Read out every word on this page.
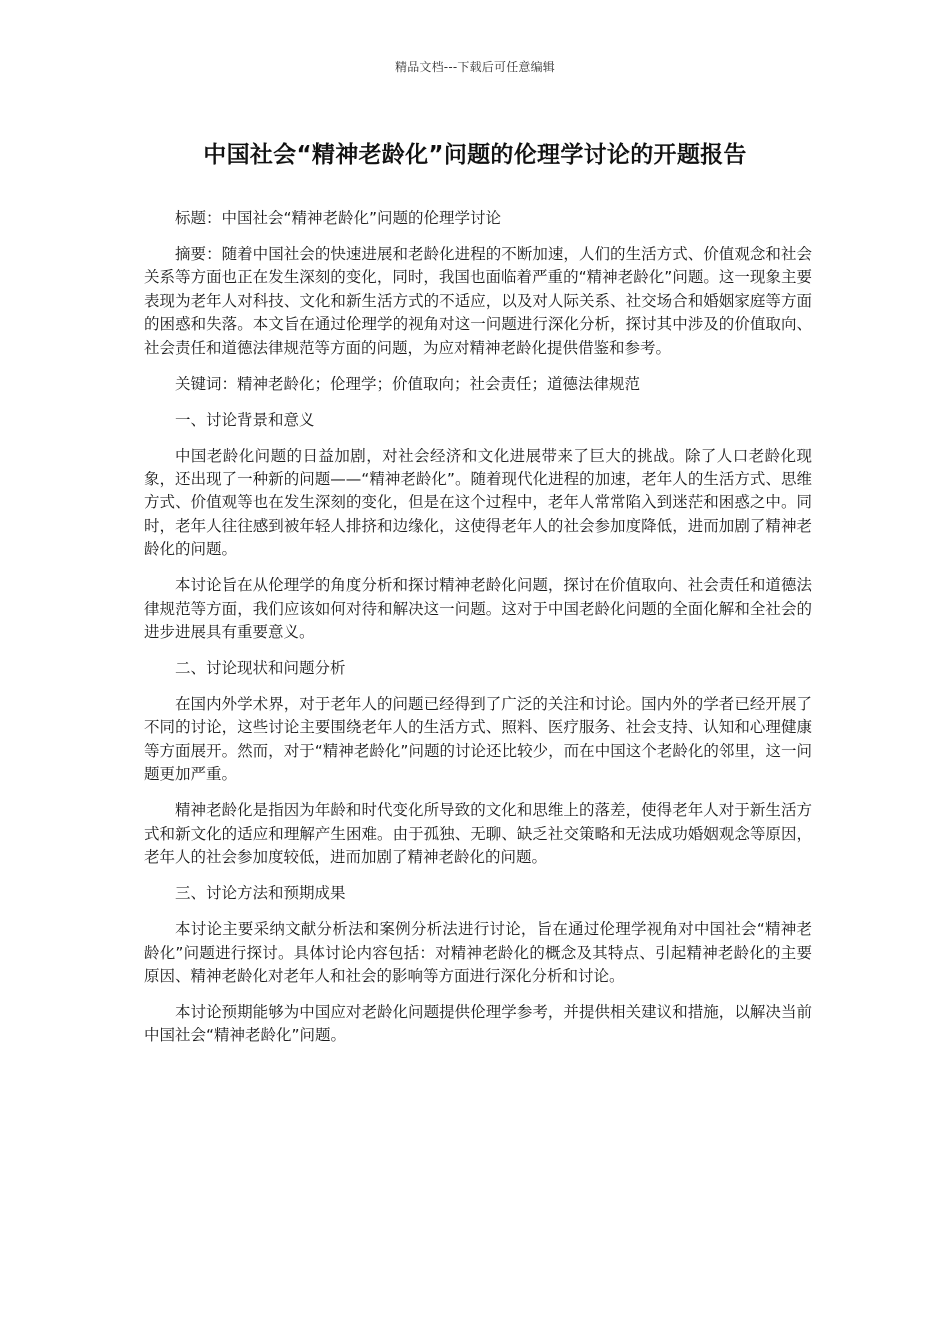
精品文档---下载后可任意编辑
中国社会“精神老龄化”问题的伦理学讨论的开题报告

标题：中国社会“精神老龄化”问题的伦理学讨论

摘要：随着中国社会的快速进展和老龄化进程的不断加速，人们的生活方式、价值观念和社会关系等方面也正在发生深刻的变化，同时，我国也面临着严重的“精神老龄化”问题。这一现象主要表现为老年人对科技、文化和新生活方式的不适应，以及对人际关系、社交场合和婚姻家庭等方面的困惑和失落。本文旨在通过伦理学的视角对这一问题进行深化分析，探讨其中涉及的价值取向、社会责任和道德法律规范等方面的问题，为应对精神老龄化提供借鉴和参考。

关键词：精神老龄化；伦理学；价值取向；社会责任；道德法律规范

一、讨论背景和意义

中国老龄化问题的日益加剧，对社会经济和文化进展带来了巨大的挑战。除了人口老龄化现象，还出现了一种新的问题——“精神老龄化”。随着现代化进程的加速，老年人的生活方式、思维方式、价值观等也在发生深刻的变化，但是在这个过程中，老年人常常陷入到迷茫和困惑之中。同时，老年人往往感到被年轻人排挤和边缘化，这使得老年人的社会参加度降低，进而加剧了精神老龄化的问题。

本讨论旨在从伦理学的角度分析和探讨精神老龄化问题，探讨在价值取向、社会责任和道德法律规范等方面，我们应该如何对待和解决这一问题。这对于中国老龄化问题的全面化解和全社会的进步进展具有重要意义。

二、讨论现状和问题分析

在国内外学术界，对于老年人的问题已经得到了广泛的关注和讨论。国内外的学者已经开展了不同的讨论，这些讨论主要围绕老年人的生活方式、照料、医疗服务、社会支持、认知和心理健康等方面展开。然而，对于“精神老龄化”问题的讨论还比较少，而在中国这个老龄化的邻里，这一问题更加严重。

精神老龄化是指因为年龄和时代变化所导致的文化和思维上的落差，使得老年人对于新生活方式和新文化的适应和理解产生困难。由于孤独、无聊、缺乏社交策略和无法成功婚姻观念等原因，老年人的社会参加度较低，进而加剧了精神老龄化的问题。

三、讨论方法和预期成果

本讨论主要采纳文献分析法和案例分析法进行讨论，旨在通过伦理学视角对中国社会“精神老龄化”问题进行探讨。具体讨论内容包括：对精神老龄化的概念及其特点、引起精神老龄化的主要原因、精神老龄化对老年人和社会的影响等方面进行深化分析和讨论。

本讨论预期能够为中国应对老龄化问题提供伦理学参考，并提供相关建议和措施，以解决当前中国社会“精神老龄化”问题。
